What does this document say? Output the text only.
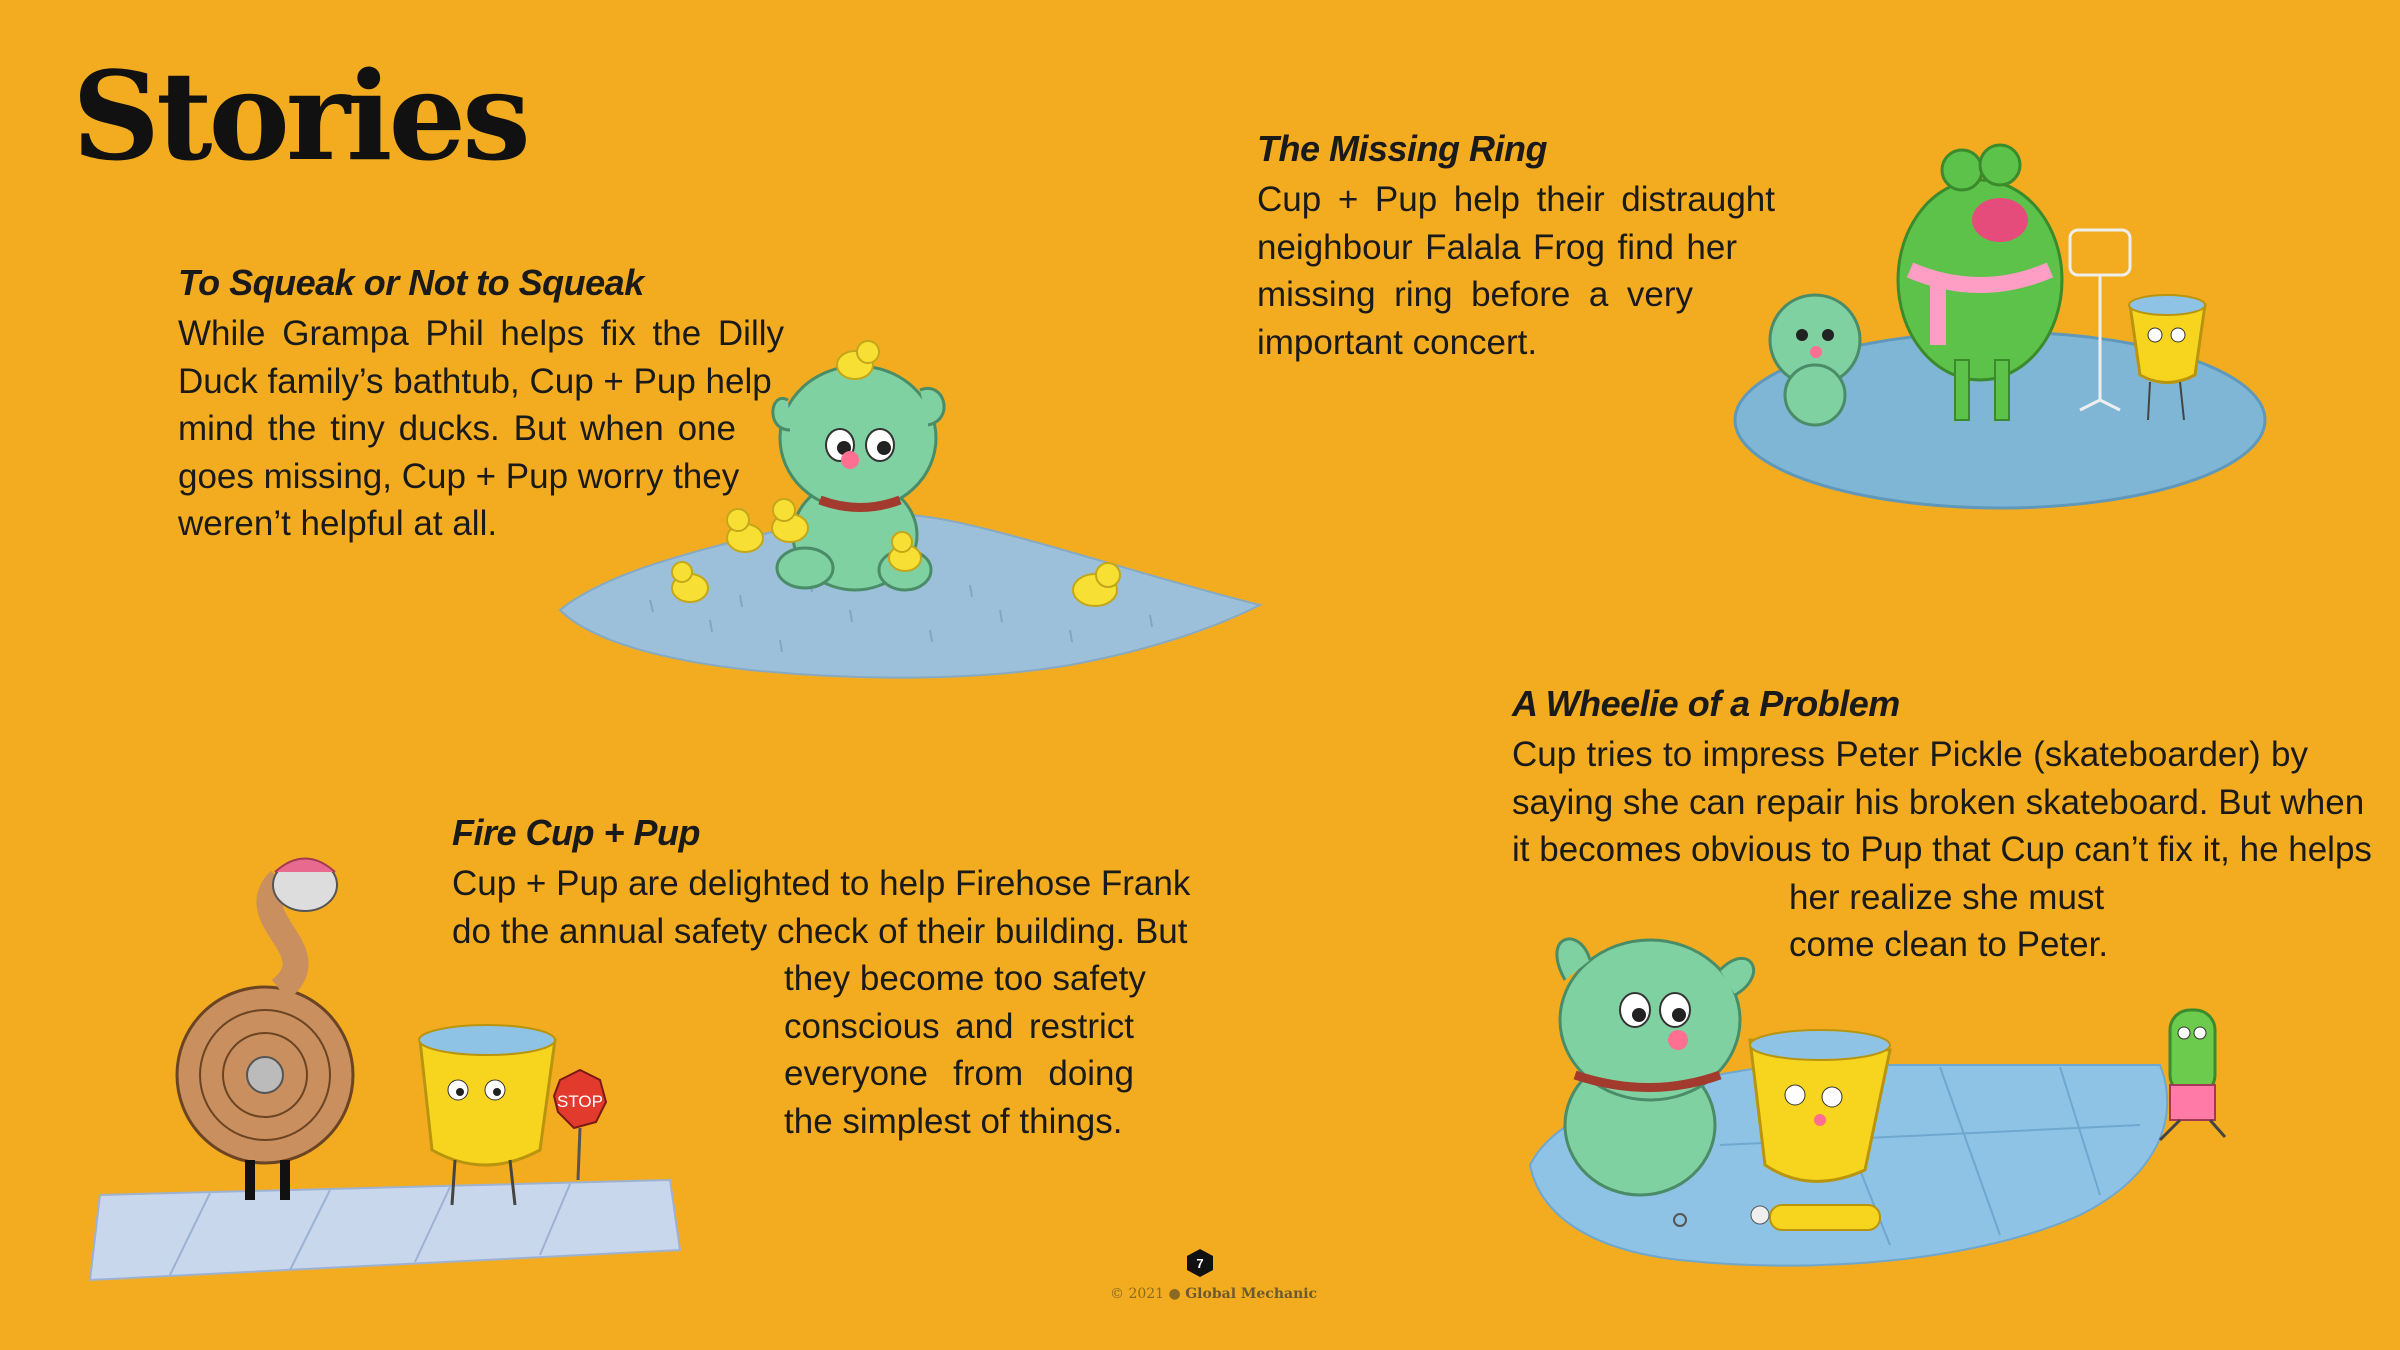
Stories
To Squeak or Not to Squeak

While Grampa Phil helps fix the Dilly
Duck family’s bathtub, Cup + Pup help
mind the tiny ducks. But when one
goes missing, Cup + Pup worry they
weren’t helpful at all.

The Missing Ring

Cup + Pup help their distraught
neighbour Falala Frog find her
missing ring before a very
important concert.

Fire Cup + Pup

Cup + Pup are delighted to help Firehose Frank
do the annual safety check of their building. But
they become too safety
conscious and restrict
everyone from doing
the simplest of things.

A Wheelie of a Problem

Cup tries to impress Peter Pickle (skateboarder) by
saying she can repair his broken skateboard. But when
it becomes obvious to Pup that Cup can’t fix it, he helps
her realize she must
come clean to Peter.

STOP
7
© 2021 ● Global Mechanic
